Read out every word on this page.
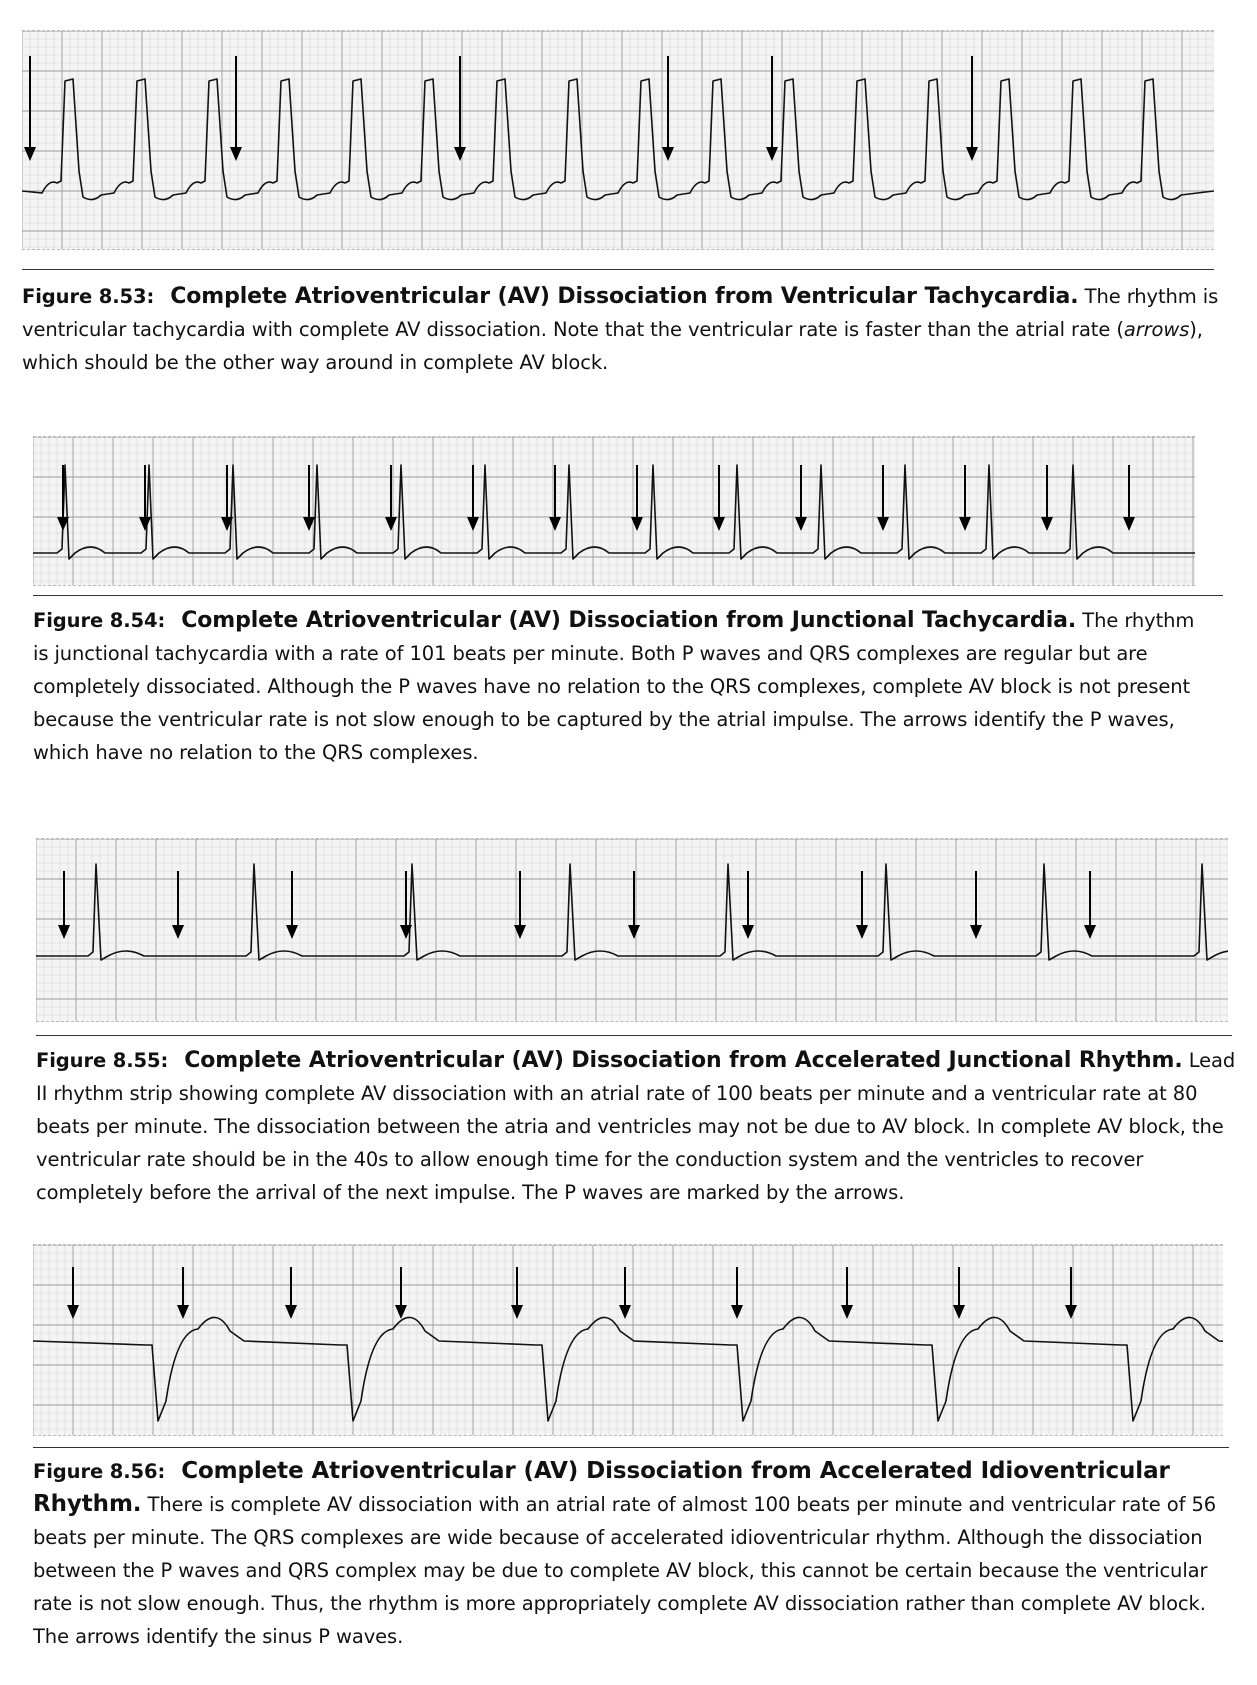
Figure 8.53: Complete Atrioventricular (AV) Dissociation from Ventricular Tachycardia. The rhythm is ventricular tachycardia with complete AV dissociation. Note that the ventricular rate is faster than the atrial rate (arrows), which should be the other way around in complete AV block.
Figure 8.54: Complete Atrioventricular (AV) Dissociation from Junctional Tachycardia. The rhythm is junctional tachycardia with a rate of 101 beats per minute. Both P waves and QRS complexes are regular but are completely dissociated. Although the P waves have no relation to the QRS complexes, complete AV block is not present because the ventricular rate is not slow enough to be captured by the atrial impulse. The arrows identify the P waves, which have no relation to the QRS complexes.
Figure 8.55: Complete Atrioventricular (AV) Dissociation from Accelerated Junctional Rhythm. Lead II rhythm strip showing complete AV dissociation with an atrial rate of 100 beats per minute and a ventricular rate at 80 beats per minute. The dissociation between the atria and ventricles may not be due to AV block. In complete AV block, the ventricular rate should be in the 40s to allow enough time for the conduction system and the ventricles to recover completely before the arrival of the next impulse. The P waves are marked by the arrows.
Figure 8.56: Complete Atrioventricular (AV) Dissociation from Accelerated Idioventricular Rhythm. There is complete AV dissociation with an atrial rate of almost 100 beats per minute and ventricular rate of 56 beats per minute. The QRS complexes are wide because of accelerated idioventricular rhythm. Although the dissociation between the P waves and QRS complex may be due to complete AV block, this cannot be certain because the ventricular rate is not slow enough. Thus, the rhythm is more appropriately complete AV dissociation rather than complete AV block. The arrows identify the sinus P waves.
